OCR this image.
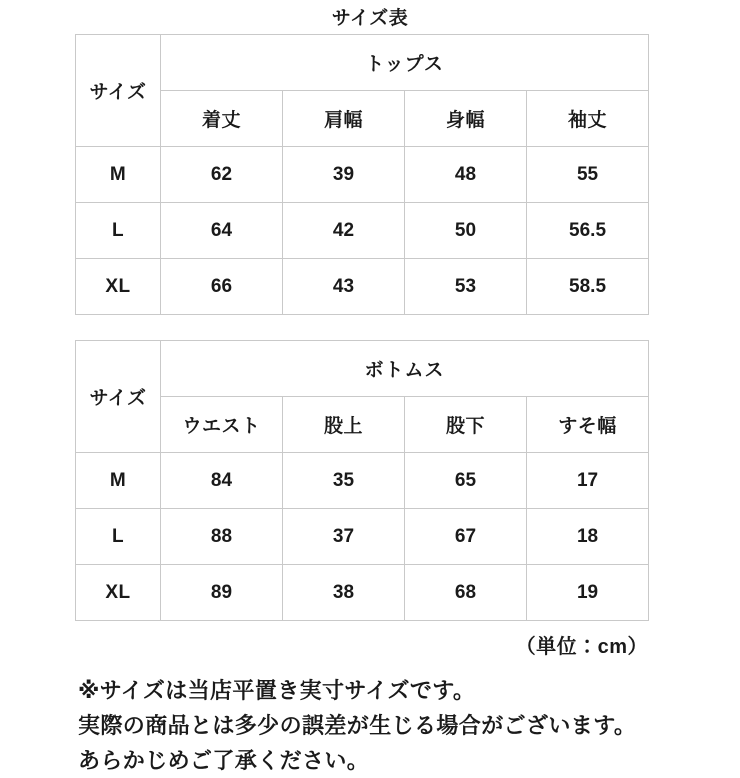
サイズ表
サイズ	トップス			
	着丈	肩幅	身幅	袖丈
M	62	39	48	55
L	64	42	50	56.5
XL	66	43	53	58.5
サイズ	ボトムス			
	ウエスト	股上	股下	すそ幅
M	84	35	65	17
L	88	37	67	18
XL	89	38	68	19
（単位：cm）
※サイズは当店平置き実寸サイズです。
実際の商品とは多少の誤差が生じる場合がございます。
あらかじめご了承ください。
